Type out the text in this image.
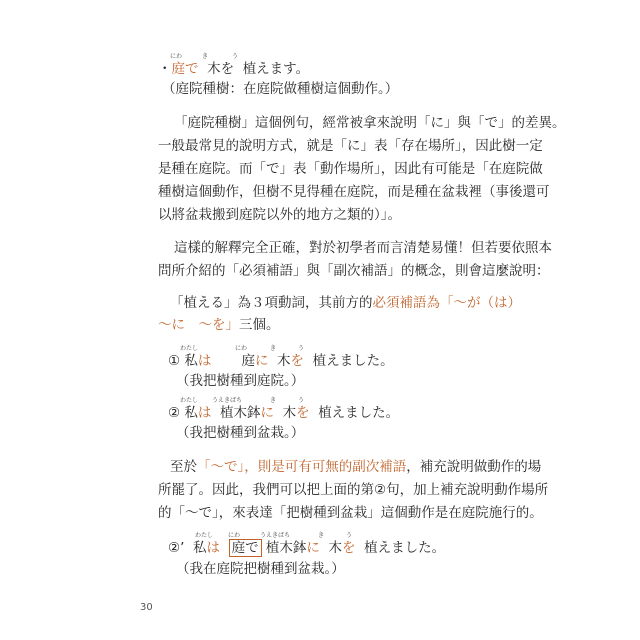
にわ	き	う
・庭で 木を 植えます。
（庭院種樹：在庭院做種樹這個動作。）
「庭院種樹」這個例句，經常被拿來說明「に」與「で」的差異。
一般最常見的說明方式，就是「に」表「存在場所」，因此樹一定
是種在庭院。而「で」表「動作場所」，因此有可能是「在庭院做
種樹這個動作，但樹不見得種在庭院，而是種在盆栽裡（事後還可
以將盆栽搬到庭院以外的地方之類的）」。
這樣的解釋完全正確，對於初學者而言清楚易懂！但若要依照本
問所介紹的「必須補語」與「副次補語」的概念，則會這麼說明：
「植える」為３項動詞，其前方的必須補語為「〜が（は）
〜に　〜を」三個。
わたし	にわ	き	う
① 私は 庭に 木を 植えました。
（我把樹種到庭院。）
わたし うえきばち	き	う
② 私は 植木鉢に 木を 植えました。
（我把樹種到盆栽。）
至於「〜で」，則是可有可無的副次補語，補充說明做動作的場
所罷了。因此，我們可以把上面的第②句，加上補充說明動作場所
的「〜で」，來表達「把樹種到盆栽」這個動作是在庭院施行的。
わたし にわ	うえきばち	き	う
②’ 私は 庭で 植木鉢に 木を 植えました。
（我在庭院把樹種到盆栽。）
30
